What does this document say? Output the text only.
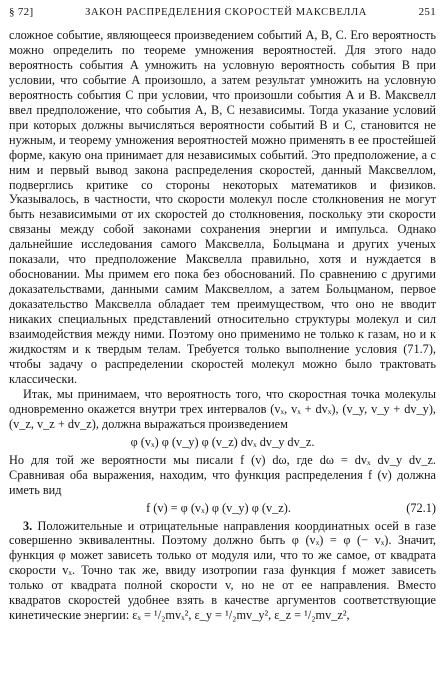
§ 72]	ЗАКОН РАСПРЕДЕЛЕНИЯ СКОРОСТЕЙ МАКСВЕЛЛА	251

сложное событие, являющееся произведением событий A, B, C. Его вероятность можно определить по теореме умножения вероятностей. Для этого надо вероятность события A умножить на условную вероятность события B при условии, что событие A произошло, а затем результат умножить на условную вероятность события C при условии, что произошли события A и B. Максвелл ввел предположение, что события A, B, C независимы. Тогда указание условий при которых должны вычисляться вероятности событий B и C, становится не нужным, и теорему умножения вероятностей можно применять в ее простейшей форме, какую она принимает для независимых событий. Это предположение, а с ним и первый вывод закона распределения скоростей, данный Максвеллом, подверглись критике со стороны некоторых математиков и физиков. Указывалось, в частности, что скорости молекул после столкновения не могут быть независимыми от их скоростей до столкновения, поскольку эти скорости связаны между собой законами сохранения энергии и импульса. Однако дальнейшие исследования самого Максвелла, Больцмана и других ученых показали, что предположение Максвелла правильно, хотя и нуждается в обосновании. Мы примем его пока без обоснований. По сравнению с другими доказательствами, данными самим Максвеллом, а затем Больцманом, первое доказательство Максвелла обладает тем преимуществом, что оно не вводит никаких специальных представлений относительно структуры молекул и сил взаимодействия между ними. Поэтому оно применимо не только к газам, но и к жидкостям и к твердым телам. Требуется только выполнение условия (71.7), чтобы задачу о распределении скоростей молекул можно было трактовать классически.

Итак, мы принимаем, что вероятность того, что скоростная точка молекулы одновременно окажется внутри трех интервалов (vₓ, vₓ + dvₓ), (v_y, v_y + dv_y), (v_z, v_z + dv_z), должна выражаться произведением

φ (vₓ) φ (v_y) φ (v_z) dvₓ dv_y dv_z.

Но для той же вероятности мы писали f (v) dω, где dω = dvₓ dv_y dv_z. Сравнивая оба выражения, находим, что функция распределения f (v) должна иметь вид

f (v) = φ (vₓ) φ (v_y) φ (v_z).	(72.1)

3. Положительные и отрицательные направления координатных осей в газе совершенно эквивалентны. Поэтому должно быть φ (vₓ) = φ (− vₓ). Значит, функция φ может зависеть только от модуля или, что то же самое, от квадрата скорости vₓ. Точно так же, ввиду изотропии газа функция f может зависеть только от квадрата полной скорости v, но не от ее направления. Вместо квадратов скоростей удобнее взять в качестве аргументов соответствующие кинетические энергии: εₓ = ¹/₂mvₓ², ε_y = ¹/₂mv_y², ε_z = ¹/₂mv_z²,
